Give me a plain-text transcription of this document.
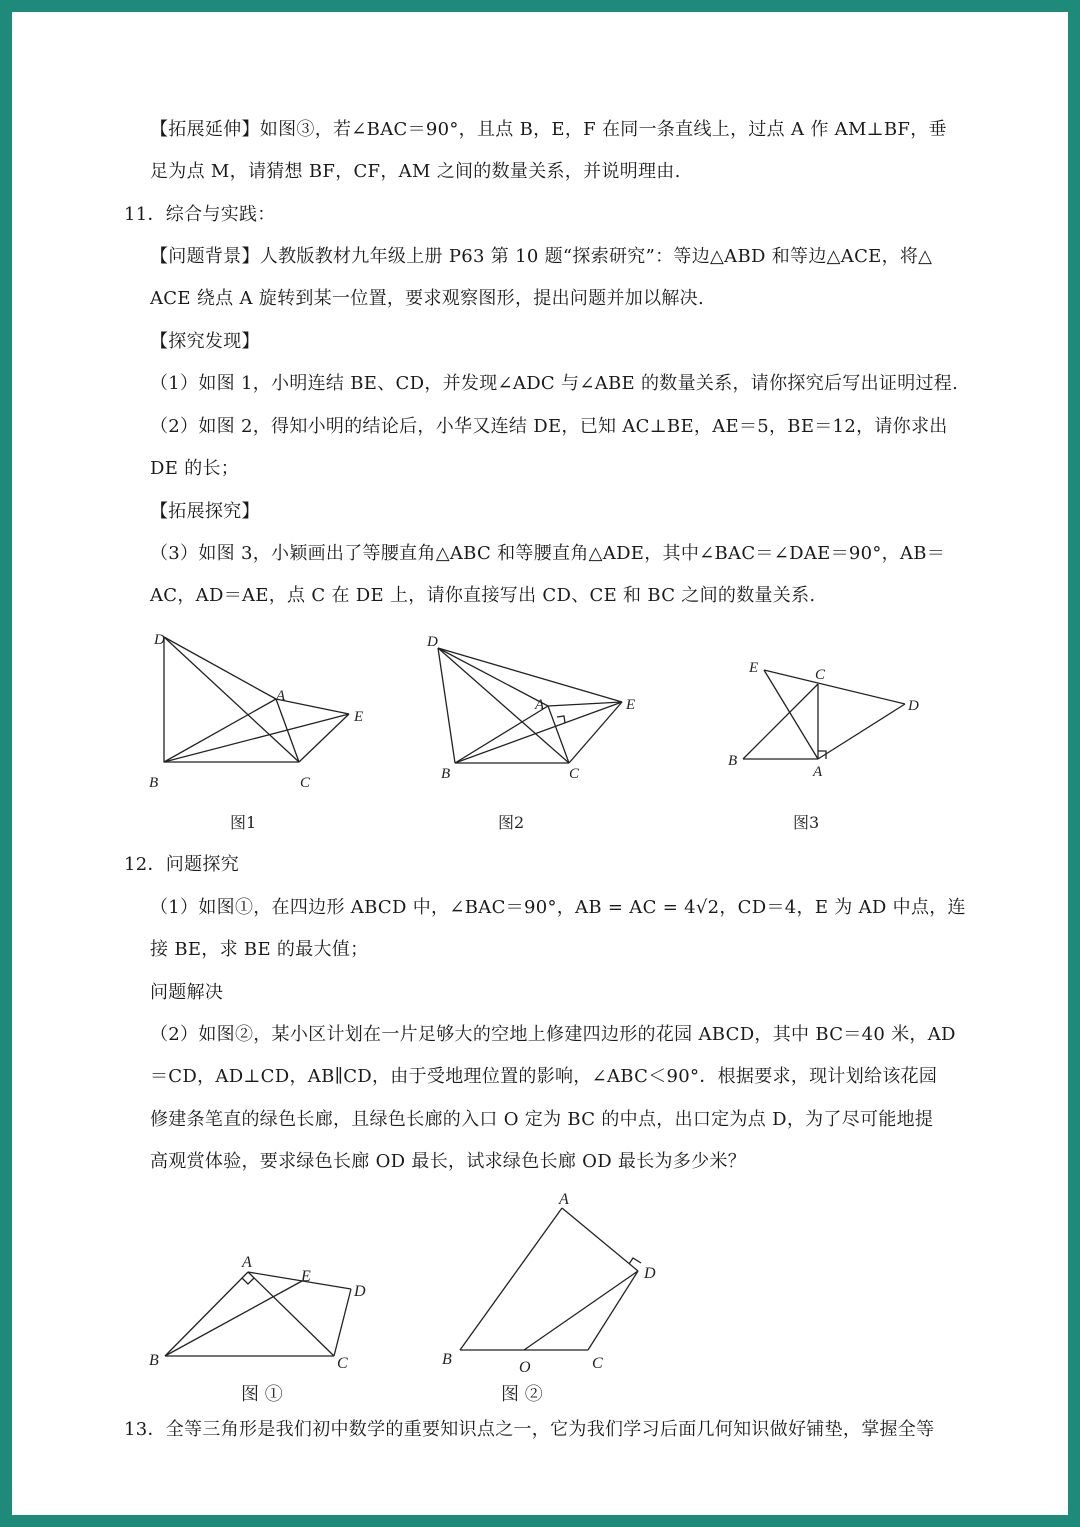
【拓展延伸】如图③，若∠BAC＝90°，且点 B，E，F 在同一条直线上，过点 A 作 AM⊥BF，垂
足为点 M，请猜想 BF，CF，AM 之间的数量关系，并说明理由.
11．综合与实践：
【问题背景】人教版教材九年级上册 P63 第 10 题“探索研究”：等边△ABD 和等边△ACE，将△
ACE 绕点 A 旋转到某一位置，要求观察图形，提出问题并加以解决.
【探究发现】
（1）如图 1，小明连结 BE、CD，并发现∠ADC 与∠ABE 的数量关系，请你探究后写出证明过程.
（2）如图 2，得知小明的结论后，小华又连结 DE，已知 AC⊥BE，AE＝5，BE＝12，请你求出
DE 的长；
【拓展探究】
（3）如图 3，小颖画出了等腰直角△ABC 和等腰直角△ADE，其中∠BAC＝∠DAE＝90°，AB＝
AC，AD＝AE，点 C 在 DE 上，请你直接写出 CD、CE 和 BC 之间的数量关系.
D
A
E
B	C
D
A	E
B	C
E	C
D
B
A
图1	图2	图3
12．问题探究
（1）如图①，在四边形 ABCD 中，∠BAC＝90°，AB = AC = 4√2，CD＝4，E 为 AD 中点，连
接 BE，求 BE 的最大值；
问题解决
（2）如图②，某小区计划在一片足够大的空地上修建四边形的花园 ABCD，其中 BC＝40 米，AD
＝CD，AD⊥CD，AB∥CD，由于受地理位置的影响，∠ABC＜90°．根据要求，现计划给该花园
修建条笔直的绿色长廊，且绿色长廊的入口 O 定为 BC 的中点，出口定为点 D，为了尽可能地提
高观赏体验，要求绿色长廊 OD 最长，试求绿色长廊 OD 最长为多少米？
A
E
D
B	C
A
D
B	O	C
图 ①	图 ②
13．全等三角形是我们初中数学的重要知识点之一，它为我们学习后面几何知识做好铺垫，掌握全等
